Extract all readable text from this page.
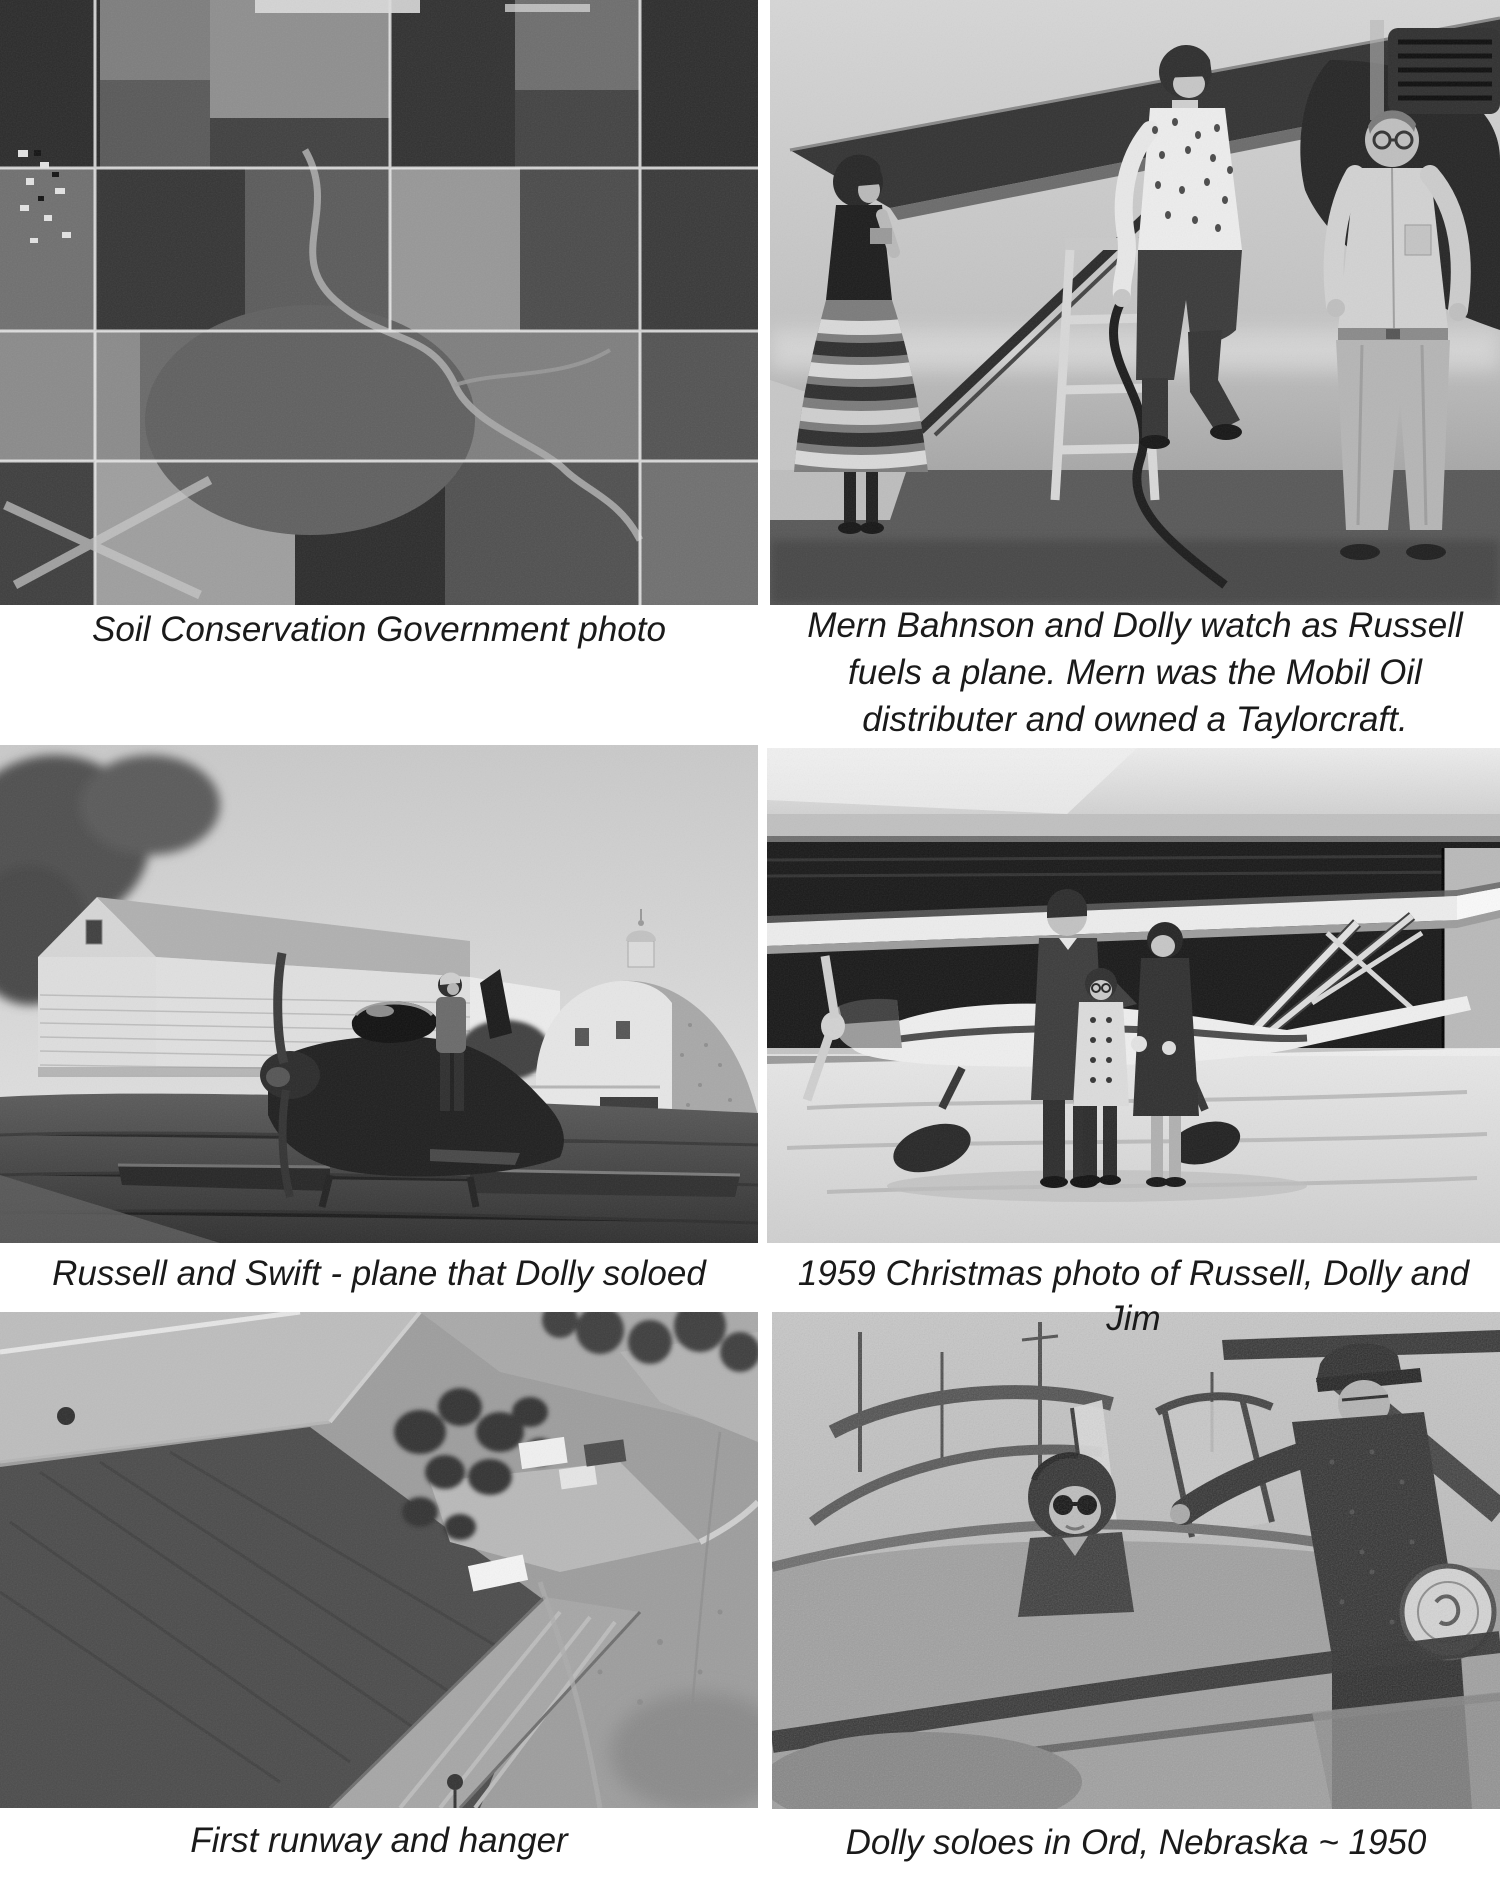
Soil Conservation Government photo	Mern Bahnson and Dolly watch as Russell
fuels a plane. Mern was the Mobil Oil
distributer and owned a Taylorcraft.
Russell and Swift - plane that Dolly soloed	1959 Christmas photo of Russell, Dolly and Jim
First runway and hanger	Dolly soloes in Ord, Nebraska ~ 1950
